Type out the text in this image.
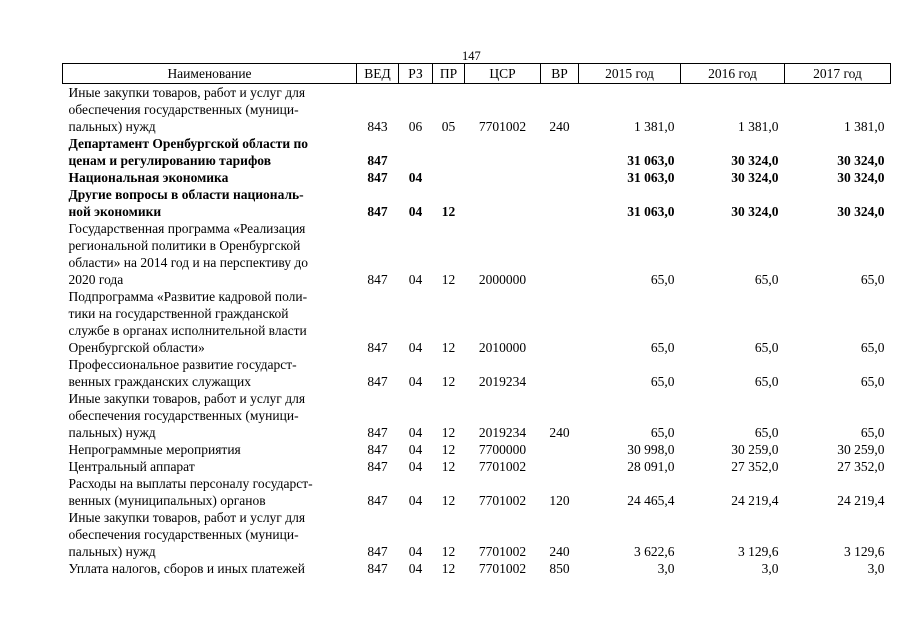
147
Наименование	ВЕД	РЗ	ПР	ЦСР	ВР	2015 год	2016 год	2017 год
Иные закупки товаров, работ и услуг для
обеспечения государственных (муници-
пальных) нужд	843	06	05	7701002	240	1 381,0	1 381,0	1 381,0
Департамент Оренбургской области по
ценам и регулированию тарифов	847					31 063,0	30 324,0	30 324,0
Национальная экономика	847	04				31 063,0	30 324,0	30 324,0
Другие вопросы в области националь-
ной экономики	847	04	12			31 063,0	30 324,0	30 324,0
Государственная программа «Реализация
региональной политики в Оренбургской
области» на 2014 год и на перспективу до
2020 года	847	04	12	2000000		65,0	65,0	65,0
Подпрограмма «Развитие кадровой поли-
тики на государственной гражданской
службе в органах исполнительной власти
Оренбургской области»	847	04	12	2010000		65,0	65,0	65,0
Профессиональное развитие государст-
венных гражданских служащих	847	04	12	2019234		65,0	65,0	65,0
Иные закупки товаров, работ и услуг для
обеспечения государственных (муници-
пальных) нужд	847	04	12	2019234	240	65,0	65,0	65,0
Непрограммные мероприятия	847	04	12	7700000		30 998,0	30 259,0	30 259,0
Центральный аппарат	847	04	12	7701002		28 091,0	27 352,0	27 352,0
Расходы на выплаты персоналу государст-
венных (муниципальных) органов	847	04	12	7701002	120	24 465,4	24 219,4	24 219,4
Иные закупки товаров, работ и услуг для
обеспечения государственных (муници-
пальных) нужд	847	04	12	7701002	240	3 622,6	3 129,6	3 129,6
Уплата налогов, сборов и иных платежей	847	04	12	7701002	850	3,0	3,0	3,0
